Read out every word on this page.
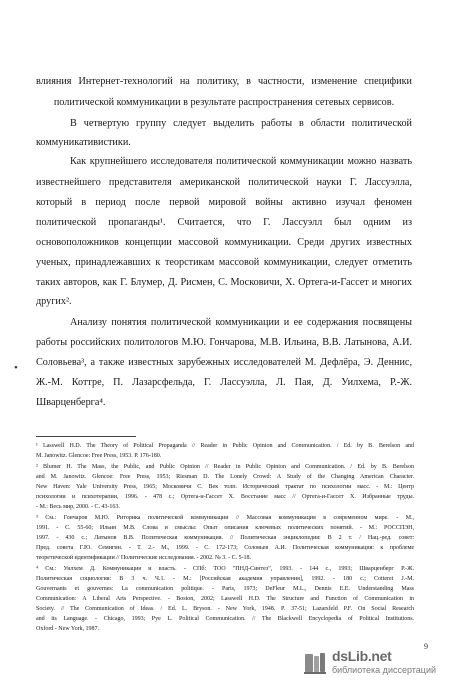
влияния Интернет-технологий на политику, в частности, изменение специфики
политической коммуникации в результате распространения сетевых сервисов.
В четвертую группу следует выделить работы в области политической
коммуникативистики.
Как крупнейшего исследователя политической коммуникации можно назвать
известнейшего представителя американской политической науки Г. Лассуэлла,
который в период после первой мировой войны активно изучал феномен
политической пропаганды¹. Считается, что Г. Лассуэлл был одним из
основоположников концепции массовой коммуникации. Среди других известных
ученых, принадлежавших к теорстикам массовой коммуникации, следует отметить
таких авторов, как Г. Блумер, Д. Рисмен, С. Московичи, Х. Ортега-и-Гассет и многих
других².
Анализу понятия политической коммуникации и ее содержания посвящены
работы российских политологов М.Ю. Гончарова, М.В. Ильина, В.В. Латынова, А.И.
Соловьева³, а также известных зарубежных исследователей М. Дефлёра, Э. Деннис,
Ж.-М. Коттре, П. Лазарсфельда, Г. Лассуэлла, Л. Пая, Д. Уилхема, Р.-Ж.
Шварценберга⁴.
•
¹ Lasswell H.D. The Theory of Political Propaganda // Reader in Public Opinion and Communication. / Ed. by B. Berelson and
M. Janowitz. Glencoe: Free Press, 1953. P. 176-180.
² Blumer H. The Mass, the Public, and Public Opinion // Reader in Public Opinion and Communication. / Ed. by B. Berelson
and M. Janowitz. Glencoe: Free Press, 1953; Riesman D. The Lonely Crowd: A Study of the Changing American Character.
New Haven: Yale University Press, 1965; Московичи С. Век толп. Исторический трактат по психологии масс. - М.: Центр
психологии и психотерапии, 1996. - 478 с.; Ортега-и-Гассет Х. Восстание масс // Ортега-и-Гассет Х. Избранные труды.
- М.: Весь мир, 2000. - С. 43-163.
³ См.: Гончаров М.Ю. Риторика политической коммуникации // Массовая коммуникация в современном мире. - М.,
1991. - С. 55-60; Ильин М.В. Слова и смыслы: Опыт описания ключевых политических понятий. - М.: РОССПЭН,
1997. - 430 с.; Латынов В.В. Политическая коммуникация. // Политическая энциклопедия: В 2 т. / Нац.-ред. совет:
Пред. совета Г.Ю. Семигин. - Т. 2.- М., 1999. - С. 172-173; Соловьев А.И. Политическая коммуникация: к проблеме
теоретической идентификации // Политические исследования. - 2002. № 3. - С. 5-18.
⁴ См.: Уилхем Д. Коммуникация и власть. - СПб: ТОО "ПНД-Синтез", 1993. - 144 с., 1993; Шварценберг Р.-Ж.
Политическая социология: В 3 ч. Ч.1. - М.: [Российская академия управления], 1992. - 180 с.; Cotteret J.-M.
Gouvernants et gouvernes: La communication politique. - Paris, 1973; DeFleur M.L., Dennis E.E. Understanding Mass
Communication: A Liberal Arts Perspective. - Boston, 2002; Lasswell H.D. The Structure and Function of Communication in
Society. // The Communication of Ideas. / Ed. L. Bryson. - New York, 1948. P. 37-51; Lazarsfeld P.F. On Social Research
and its Language. - Chicago, 1993; Pye L. Political Communication. // The Blackwell Encyclopedia of Political Institutions.
Oxford - New York, 1987.
9
dsLib.net
библиотека диссертаций
